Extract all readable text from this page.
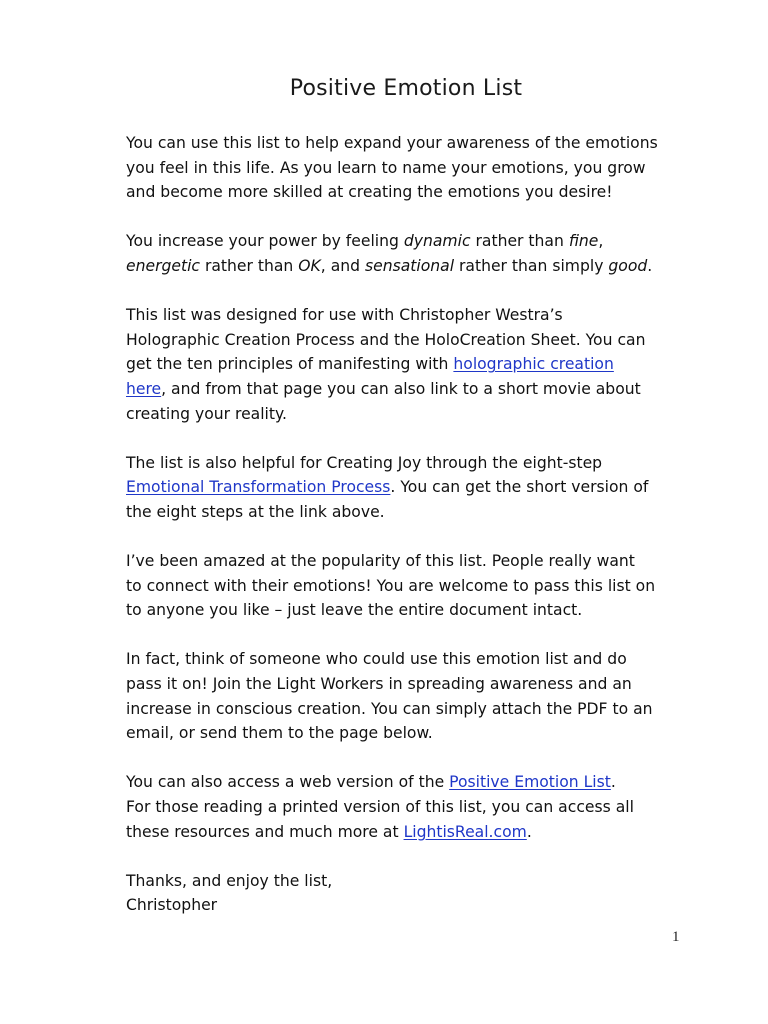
Positive Emotion List
You can use this list to help expand your awareness of the emotions
you feel in this life. As you learn to name your emotions, you grow
and become more skilled at creating the emotions you desire!
You increase your power by feeling dynamic rather than fine,
energetic rather than OK, and sensational rather than simply good.
This list was designed for use with Christopher Westra’s
Holographic Creation Process and the HoloCreation Sheet. You can
get the ten principles of manifesting with holographic creation
here, and from that page you can also link to a short movie about
creating your reality.
The list is also helpful for Creating Joy through the eight-step
Emotional Transformation Process. You can get the short version of
the eight steps at the link above.
I’ve been amazed at the popularity of this list. People really want
to connect with their emotions! You are welcome to pass this list on
to anyone you like – just leave the entire document intact.
In fact, think of someone who could use this emotion list and do
pass it on! Join the Light Workers in spreading awareness and an
increase in conscious creation. You can simply attach the PDF to an
email, or send them to the page below.
You can also access a web version of the Positive Emotion List.
For those reading a printed version of this list, you can access all
these resources and much more at LightisReal.com.
Thanks, and enjoy the list,
Christopher
1
